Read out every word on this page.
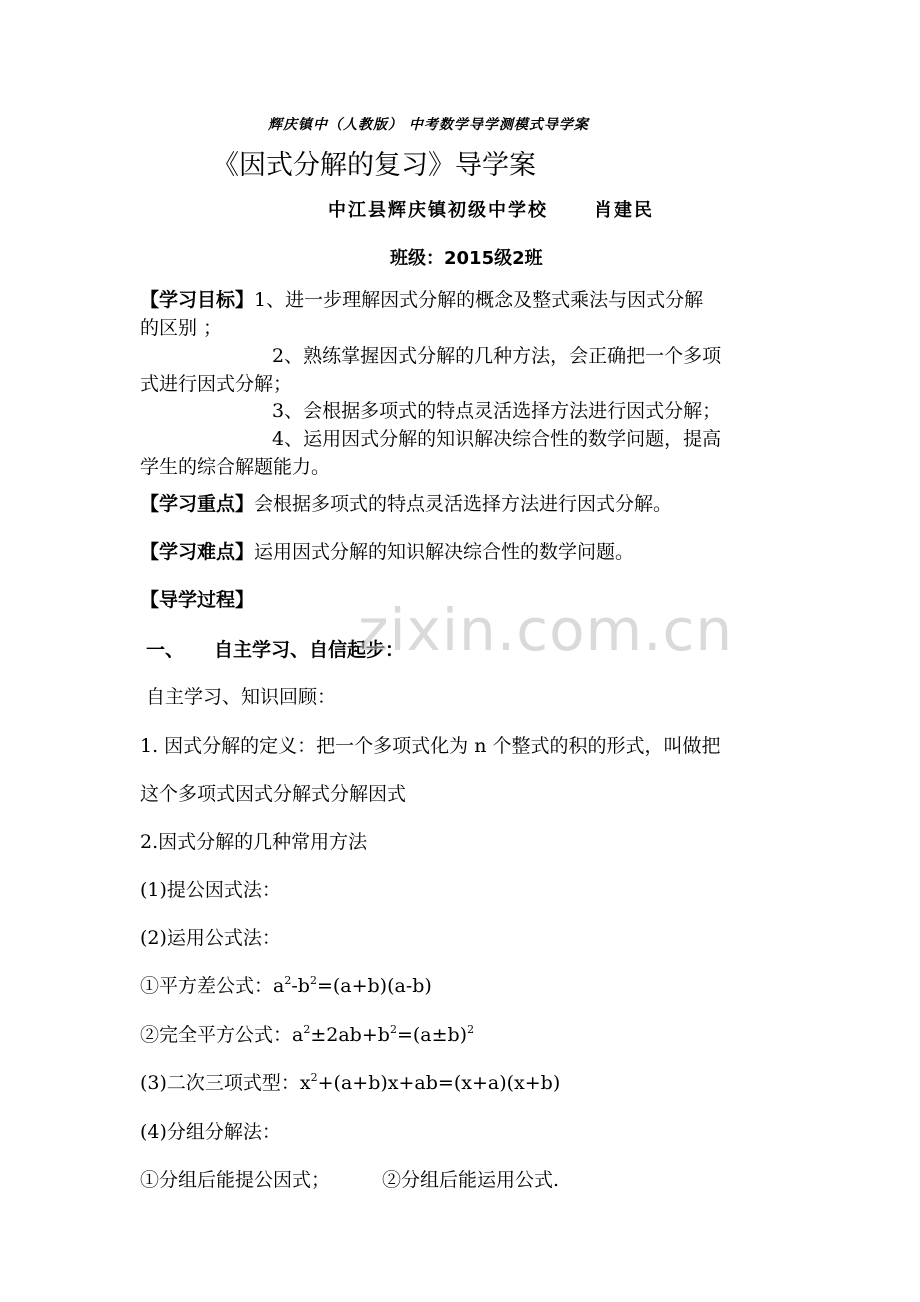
辉庆镇中（人教版） 中考数学导学测模式导学案
《因式分解的复习》导学案
中江县辉庆镇初级中学校	肖建民
班级：2015级2班
【学习目标】1、进一步理解因式分解的概念及整式乘法与因式分解
的区别 ；
2、熟练掌握因式分解的几种方法，会正确把一个多项
式进行因式分解；
3、会根据多项式的特点灵活选择方法进行因式分解；
4、运用因式分解的知识解决综合性的数学问题，提高
学生的综合解题能力。
【学习重点】会根据多项式的特点灵活选择方法进行因式分解。
【学习难点】运用因式分解的知识解决综合性的数学问题。
【导学过程】
一、 自主学习、自信起步：
zixin.com.cn
自主学习、知识回顾：
1. 因式分解的定义：把一个多项式化为 n 个整式的积的形式，叫做把
这个多项式因式分解式分解因式
2.因式分解的几种常用方法
(1)提公因式法：
(2)运用公式法：
①平方差公式：$a^2-b^2=(a+b)(a-b)$
②完全平方公式：$a^2\pm 2ab+b^2=(a\pm b)^2$
(3)二次三项式型：$x^2+(a+b)x+ab=(x+a)(x+b)$
(4)分组分解法：
①分组后能提公因式；	②分组后能运用公式.
